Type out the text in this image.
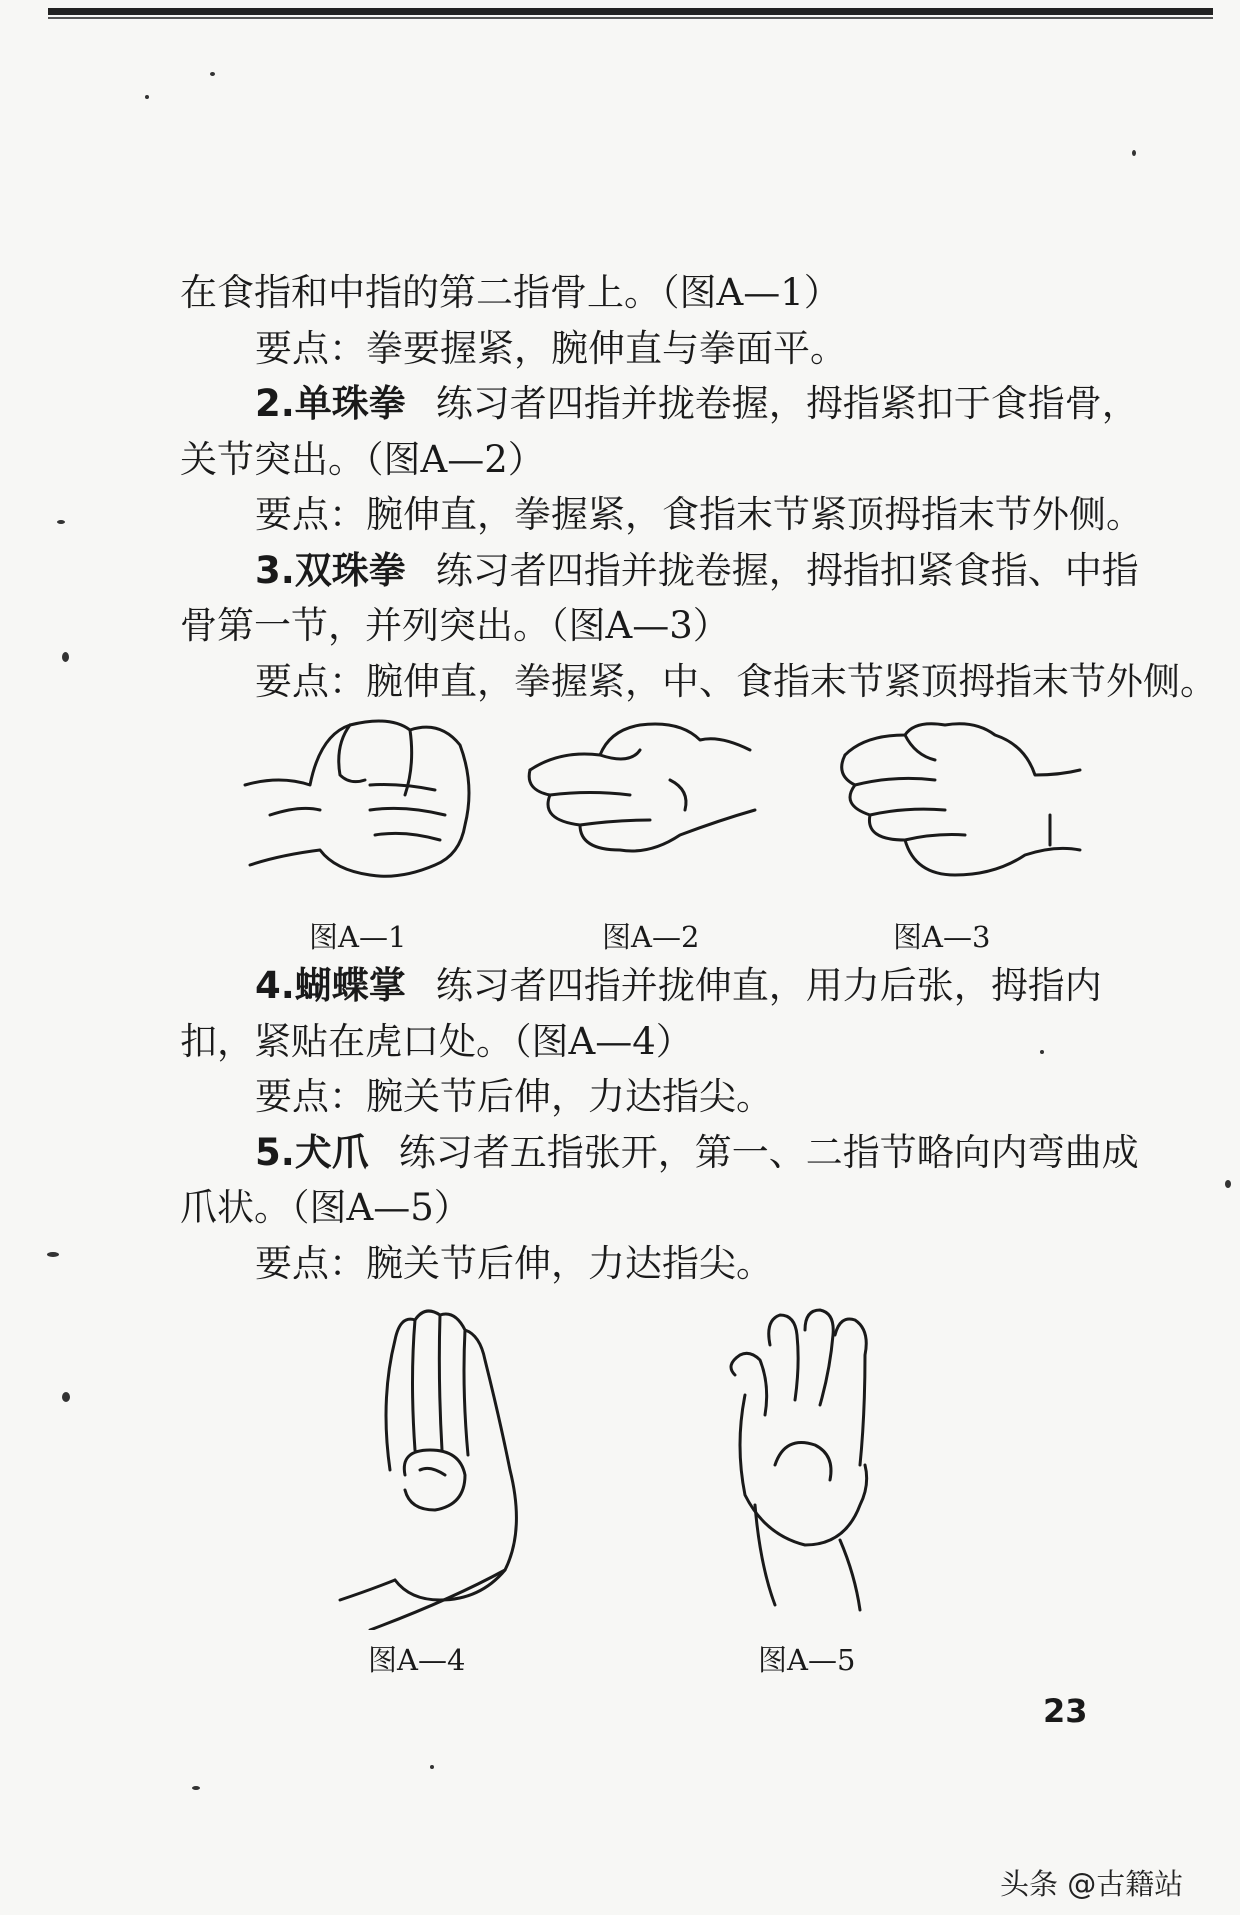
在食指和中指的第二指骨上。（图A—1）

要点：拳要握紧，腕伸直与拳面平。

2.单珠拳 练习者四指并拢卷握，拇指紧扣于食指骨，

关节突出。（图A—2）

要点：腕伸直，拳握紧，食指末节紧顶拇指末节外侧。

3.双珠拳 练习者四指并拢卷握，拇指扣紧食指、中指

骨第一节，并列突出。（图A—3）

要点：腕伸直，拳握紧，中、食指末节紧顶拇指末节外侧。

图A—1	图A—2	图A—3

4.蝴蝶掌 练习者四指并拢伸直，用力后张，拇指内

扣，紧贴在虎口处。（图A—4）

要点：腕关节后伸，力达指尖。

5.犬爪 练习者五指张开，第一、二指节略向内弯曲成

爪状。（图A—5）

要点：腕关节后伸，力达指尖。

图A—4	图A—5
23
头条 @古籍站
